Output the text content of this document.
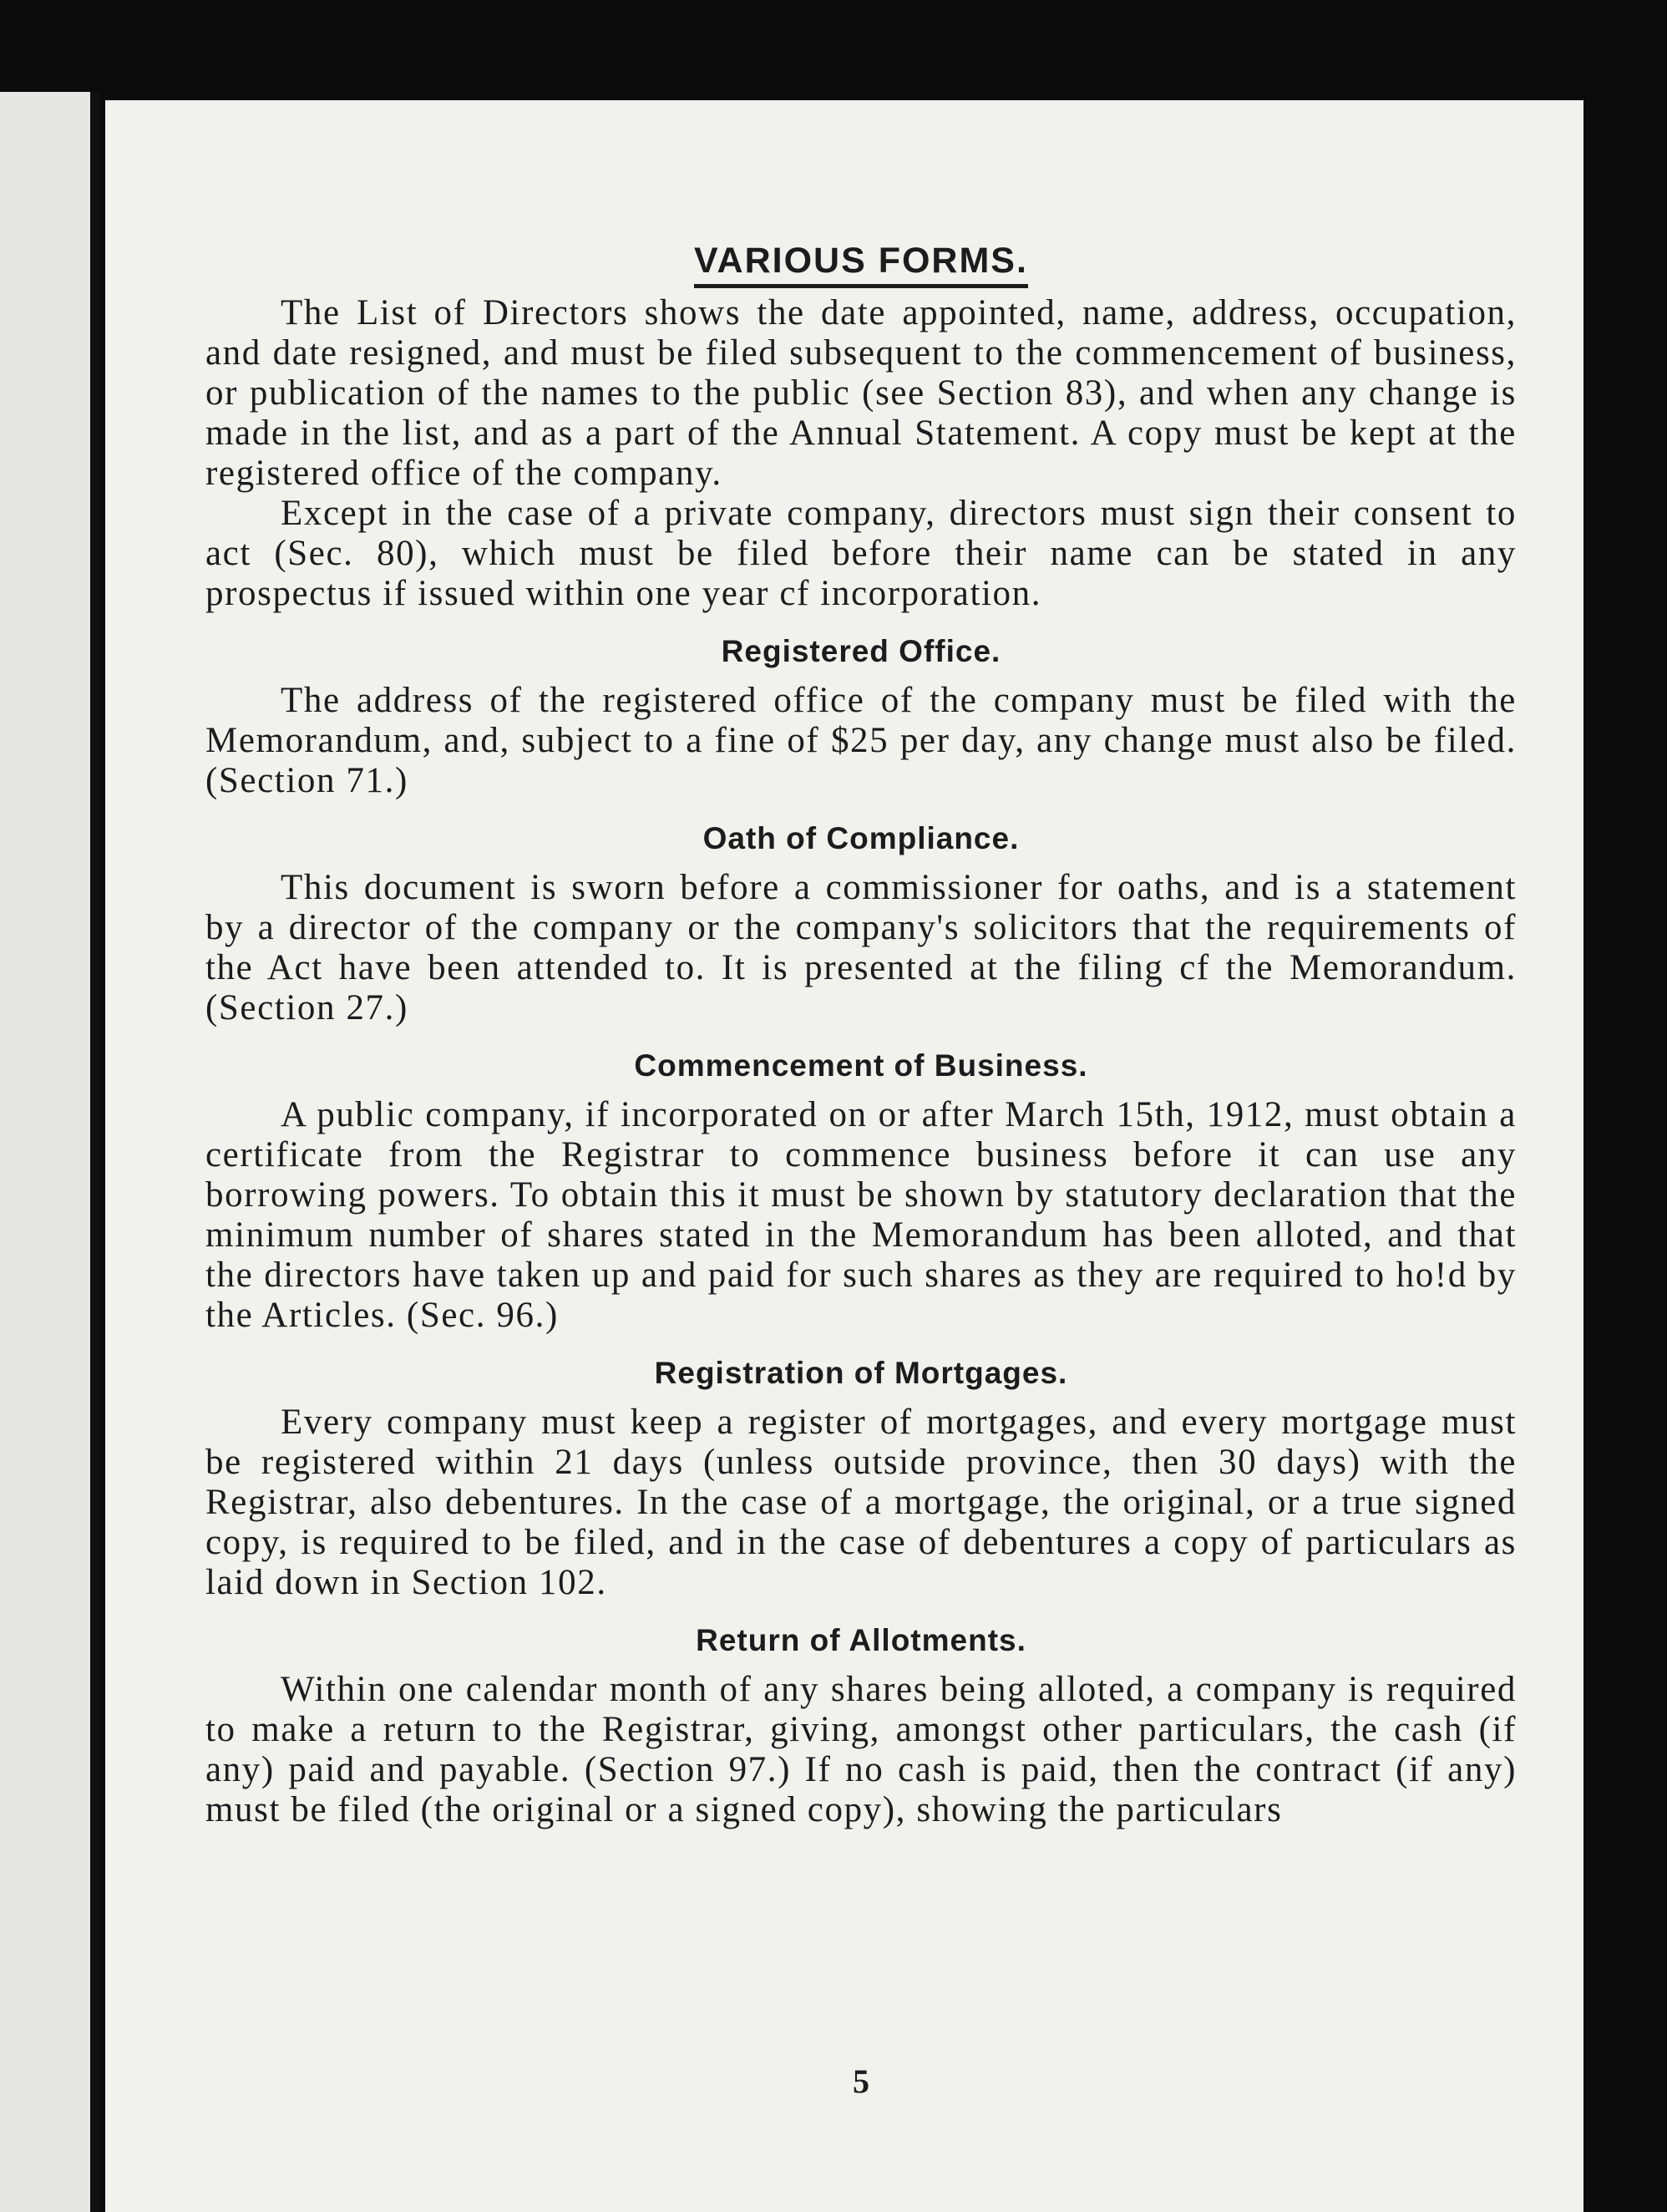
VARIOUS FORMS.

The List of Directors shows the date appointed, name, address, occupation, and date resigned, and must be filed subsequent to the commencement of business, or publication of the names to the public (see Section 83), and when any change is made in the list, and as a part of the Annual Statement. A copy must be kept at the registered office of the company.

Except in the case of a private company, directors must sign their consent to act (Sec. 80), which must be filed before their name can be stated in any prospectus if issued within one year cf incorporation.

Registered Office.

The address of the registered office of the company must be filed with the Memorandum, and, subject to a fine of $25 per day, any change must also be filed. (Section 71.)

Oath of Compliance.

This document is sworn before a commissioner for oaths, and is a statement by a director of the company or the company's solicitors that the requirements of the Act have been attended to. It is presented at the filing cf the Memorandum. (Section 27.)

Commencement of Business.

A public company, if incorporated on or after March 15th, 1912, must obtain a certificate from the Registrar to commence business before it can use any borrowing powers. To obtain this it must be shown by statutory declaration that the minimum number of shares stated in the Memorandum has been alloted, and that the directors have taken up and paid for such shares as they are required to ho!d by the Articles. (Sec. 96.)

Registration of Mortgages.

Every company must keep a register of mortgages, and every mortgage must be registered within 21 days (unless outside province, then 30 days) with the Registrar, also debentures. In the case of a mortgage, the original, or a true signed copy, is required to be filed, and in the case of debentures a copy of particulars as laid down in Section 102.

Return of Allotments.

Within one calendar month of any shares being alloted, a company is required to make a return to the Registrar, giving, amongst other particulars, the cash (if any) paid and payable. (Section 97.) If no cash is paid, then the contract (if any) must be filed (the original or a signed copy), showing the particulars

5
